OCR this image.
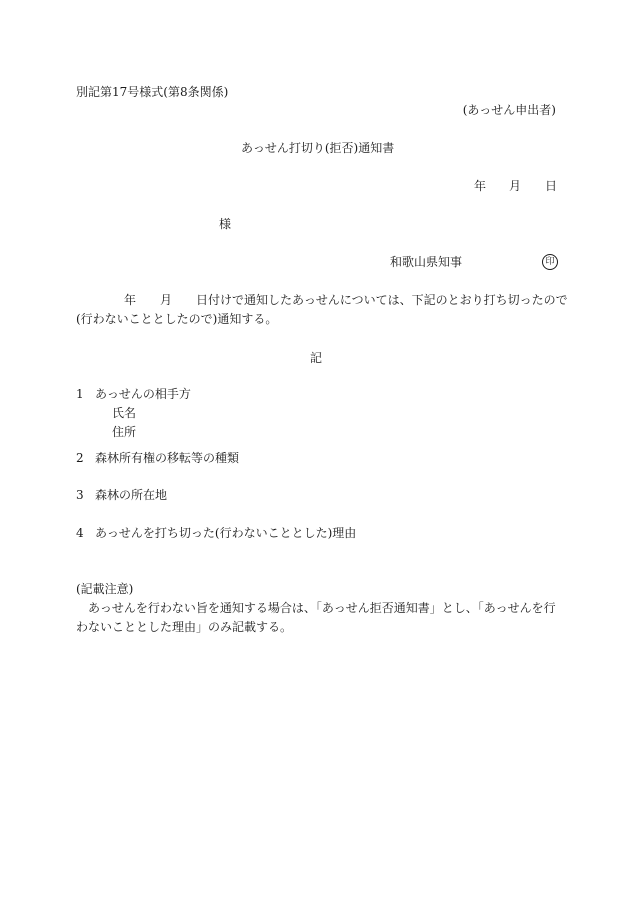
別記第17号様式(第8条関係)
(あっせん申出者)
あっせん打切り(拒否)通知書
年 月 日
様
和歌山県知事	印
年 月 日付けで通知したあっせんについては、下記のとおり打ち切ったので
(行わないこととしたので)通知する。
記
1 あっせんの相手方
氏名
住所
2 森林所有権の移転等の種類
3 森林の所在地
4 あっせんを打ち切った(行わないこととした)理由
(記載注意)
あっせんを行わない旨を通知する場合は、「あっせん拒否通知書」とし、「あっせんを行
わないこととした理由」のみ記載する。
